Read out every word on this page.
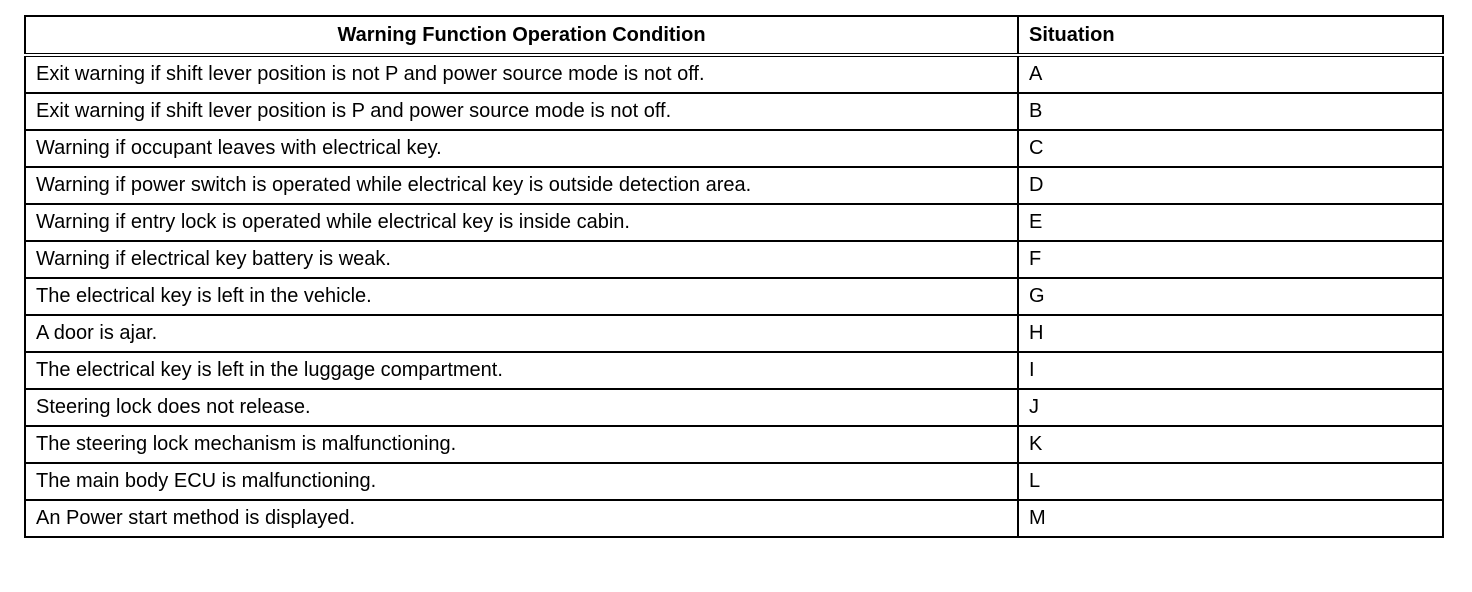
Warning Function Operation Condition	Situation
Exit warning if shift lever position is not P and power source mode is not off.	A
Exit warning if shift lever position is P and power source mode is not off.	B
Warning if occupant leaves with electrical key.	C
Warning if power switch is operated while electrical key is outside detection area.	D
Warning if entry lock is operated while electrical key is inside cabin.	E
Warning if electrical key battery is weak.	F
The electrical key is left in the vehicle.	G
A door is ajar.	H
The electrical key is left in the luggage compartment.	I
Steering lock does not release.	J
The steering lock mechanism is malfunctioning.	K
The main body ECU is malfunctioning.	L
An Power start method is displayed.	M
